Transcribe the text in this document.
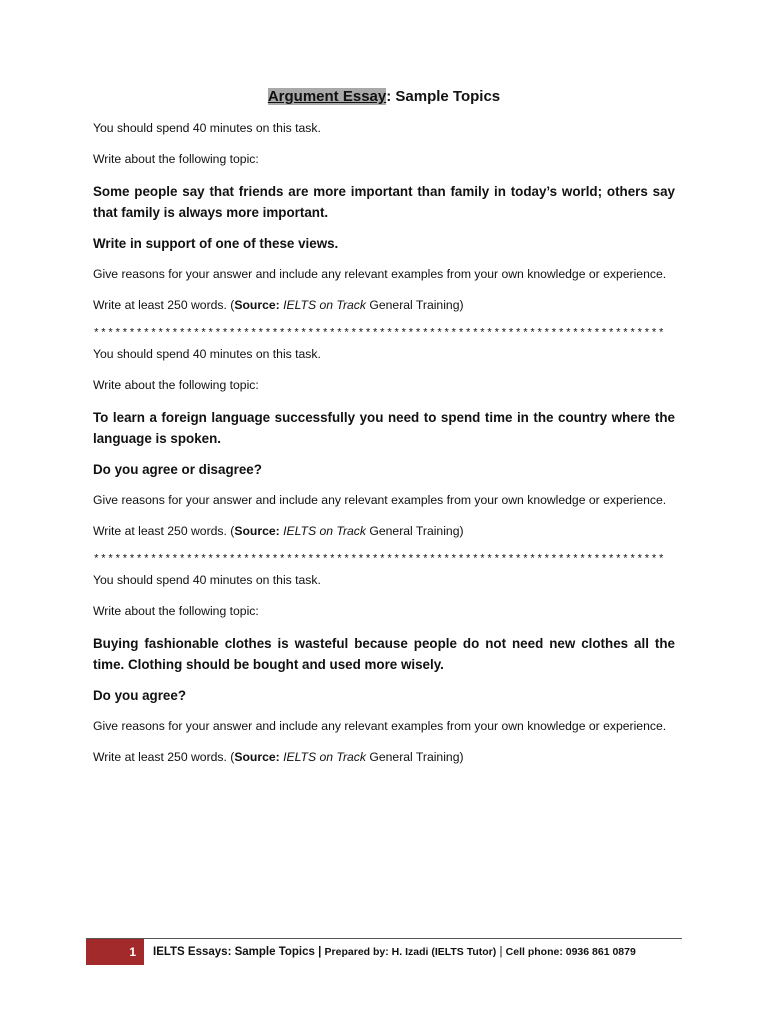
Argument Essay: Sample Topics

You should spend 40 minutes on this task.

Write about the following topic:

Some people say that friends are more important than family in today’s world; others say that family is always more important.

Write in support of one of these views.

Give reasons for your answer and include any relevant examples from your own knowledge or experience.

Write at least 250 words. (Source: IELTS on Track General Training)

********************************************************************************

You should spend 40 minutes on this task.

Write about the following topic:

To learn a foreign language successfully you need to spend time in the country where the language is spoken.

Do you agree or disagree?

Give reasons for your answer and include any relevant examples from your own knowledge or experience.

Write at least 250 words. (Source: IELTS on Track General Training)

********************************************************************************

You should spend 40 minutes on this task.

Write about the following topic:

Buying fashionable clothes is wasteful because people do not need new clothes all the time. Clothing should be bought and used more wisely.

Do you agree?

Give reasons for your answer and include any relevant examples from your own knowledge or experience.

Write at least 250 words. (Source: IELTS on Track General Training)

1	IELTS Essays: Sample Topics | Prepared by: H. Izadi (IELTS Tutor) | Cell phone: 0936 861 0879
